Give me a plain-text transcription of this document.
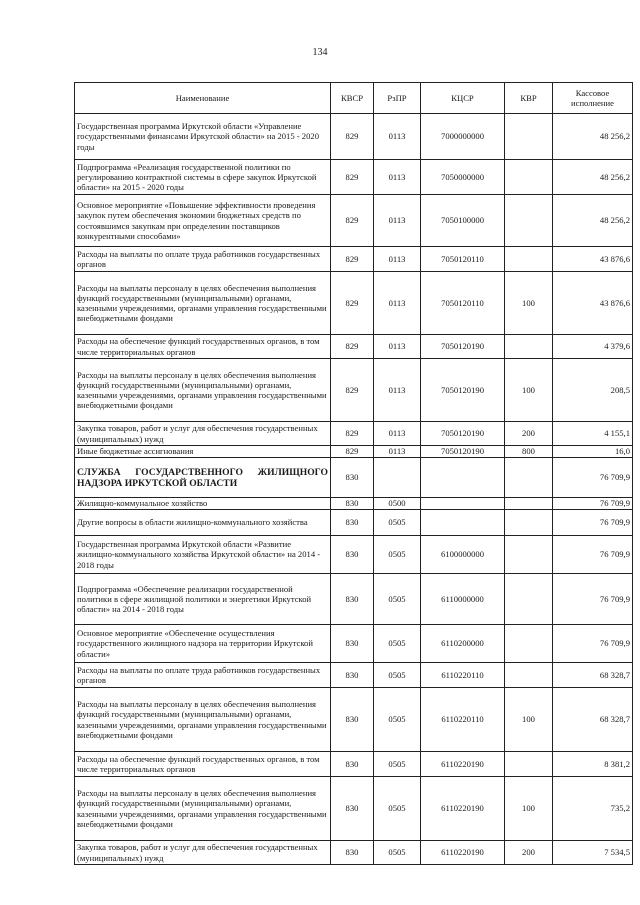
134
Наименование	КВСР	РзПР	КЦСР	КВР	Кассовое исполнение
Государственная программа Иркутской области «Управление государственными финансами Иркутской области» на 2015 - 2020 годы	829	0113	7000000000		48 256,2
Подпрограмма «Реализация государственной политики по регулированию контрактной системы в сфере закупок Иркутской области» на 2015 - 2020 годы	829	0113	7050000000		48 256,2
Основное мероприятие «Повышение эффективности проведения закупок путем обеспечения экономии бюджетных средств по состоявшимся закупкам при определении поставщиков конкурентными способами»	829	0113	7050100000		48 256,2
Расходы на выплаты по оплате труда работников государственных органов	829	0113	7050120110		43 876,6
Расходы на выплаты персоналу в целях обеспечения выполнения функций государственными (муниципальными) органами, казенными учреждениями, органами управления государственными внебюджетными фондами	829	0113	7050120110	100	43 876,6
Расходы на обеспечение функций государственных органов, в том числе территориальных органов	829	0113	7050120190		4 379,6
Расходы на выплаты персоналу в целях обеспечения выполнения функций государственными (муниципальными) органами, казенными учреждениями, органами управления государственными внебюджетными фондами	829	0113	7050120190	100	208,5
Закупка товаров, работ и услуг для обеспечения государственных (муниципальных) нужд	829	0113	7050120190	200	4 155,1
Иные бюджетные ассигнования	829	0113	7050120190	800	16,0
СЛУЖБА ГОСУДАРСТВЕННОГО ЖИЛИЩНОГО НАДЗОРА ИРКУТСКОЙ ОБЛАСТИ	830				76 709,9
Жилищно-коммунальное хозяйство	830	0500			76 709,9
Другие вопросы в области жилищно-коммунального хозяйства	830	0505			76 709,9
Государственная программа Иркутской области «Развитие жилищно-коммунального хозяйства Иркутской области» на 2014 - 2018 годы	830	0505	6100000000		76 709,9
Подпрограмма «Обеспечение реализации государственной политики в сфере жилищной политики и энергетики Иркутской области» на 2014 - 2018 годы	830	0505	6110000000		76 709,9
Основное мероприятие «Обеспечение осуществления государственного жилищного надзора на территории Иркутской области»	830	0505	6110200000		76 709,9
Расходы на выплаты по оплате труда работников государственных органов	830	0505	6110220110		68 328,7
Расходы на выплаты персоналу в целях обеспечения выполнения функций государственными (муниципальными) органами, казенными учреждениями, органами управления государственными внебюджетными фондами	830	0505	6110220110	100	68 328,7
Расходы на обеспечение функций государственных органов, в том числе территориальных органов	830	0505	6110220190		8 381,2
Расходы на выплаты персоналу в целях обеспечения выполнения функций государственными (муниципальными) органами, казенными учреждениями, органами управления государственными внебюджетными фондами	830	0505	6110220190	100	735,2
Закупка товаров, работ и услуг для обеспечения государственных (муниципальных) нужд	830	0505	6110220190	200	7 534,5
